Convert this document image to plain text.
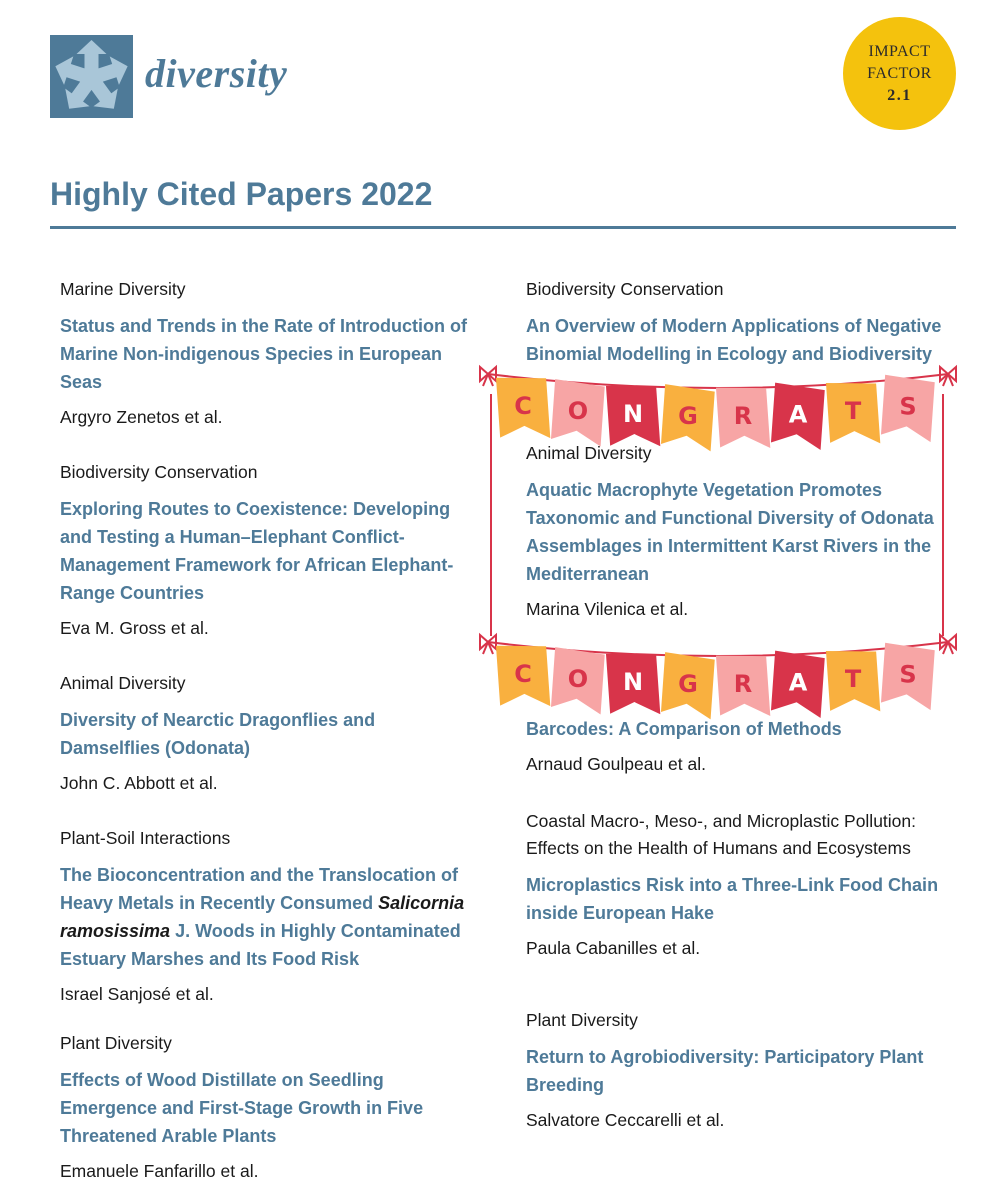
diversity	IMPACT
FACTOR
2.1
Highly Cited Papers 2022
Marine Diversity
Status and Trends in the Rate of Introduction of Marine Non-indigenous Species in European Seas
Argyro Zenetos et al.
Biodiversity Conservation
Exploring Routes to Coexistence: Developing and Testing a Human–Elephant Conflict-Management Framework for African Elephant-Range Countries
Eva M. Gross et al.
Animal Diversity
Diversity of Nearctic Dragonflies and Damselflies (Odonata)
John C. Abbott et al.
Plant-Soil Interactions
The Bioconcentration and the Translocation of Heavy Metals in Recently Consumed Salicornia ramosissima J. Woods in Highly Contaminated Estuary Marshes and Its Food Risk
Israel Sanjosé et al.
Plant Diversity
Effects of Wood Distillate on Seedling Emergence and First-Stage Growth in Five Threatened Arable Plants
Emanuele Fanfarillo et al.
Biodiversity Conservation
An Overview of Modern Applications of Negative Binomial Modelling in Ecology and Biodiversity
Animal Diversity
Aquatic Macrophyte Vegetation Promotes Taxonomic and Functional Diversity of Odonata Assemblages in Intermittent Karst Rivers in the Mediterranean
Marina Vilenica et al.
Barcodes: A Comparison of Methods
Arnaud Goulpeau et al.
Coastal Macro-, Meso-, and Microplastic Pollution: Effects on the Health of Humans and Ecosystems
Microplastics Risk into a Three-Link Food Chain inside European Hake
Paula Cabanilles et al.
Plant Diversity
Return to Agrobiodiversity: Participatory Plant Breeding
Salvatore Ceccarelli et al.
C O N G R A T S
C O N G R A T S
